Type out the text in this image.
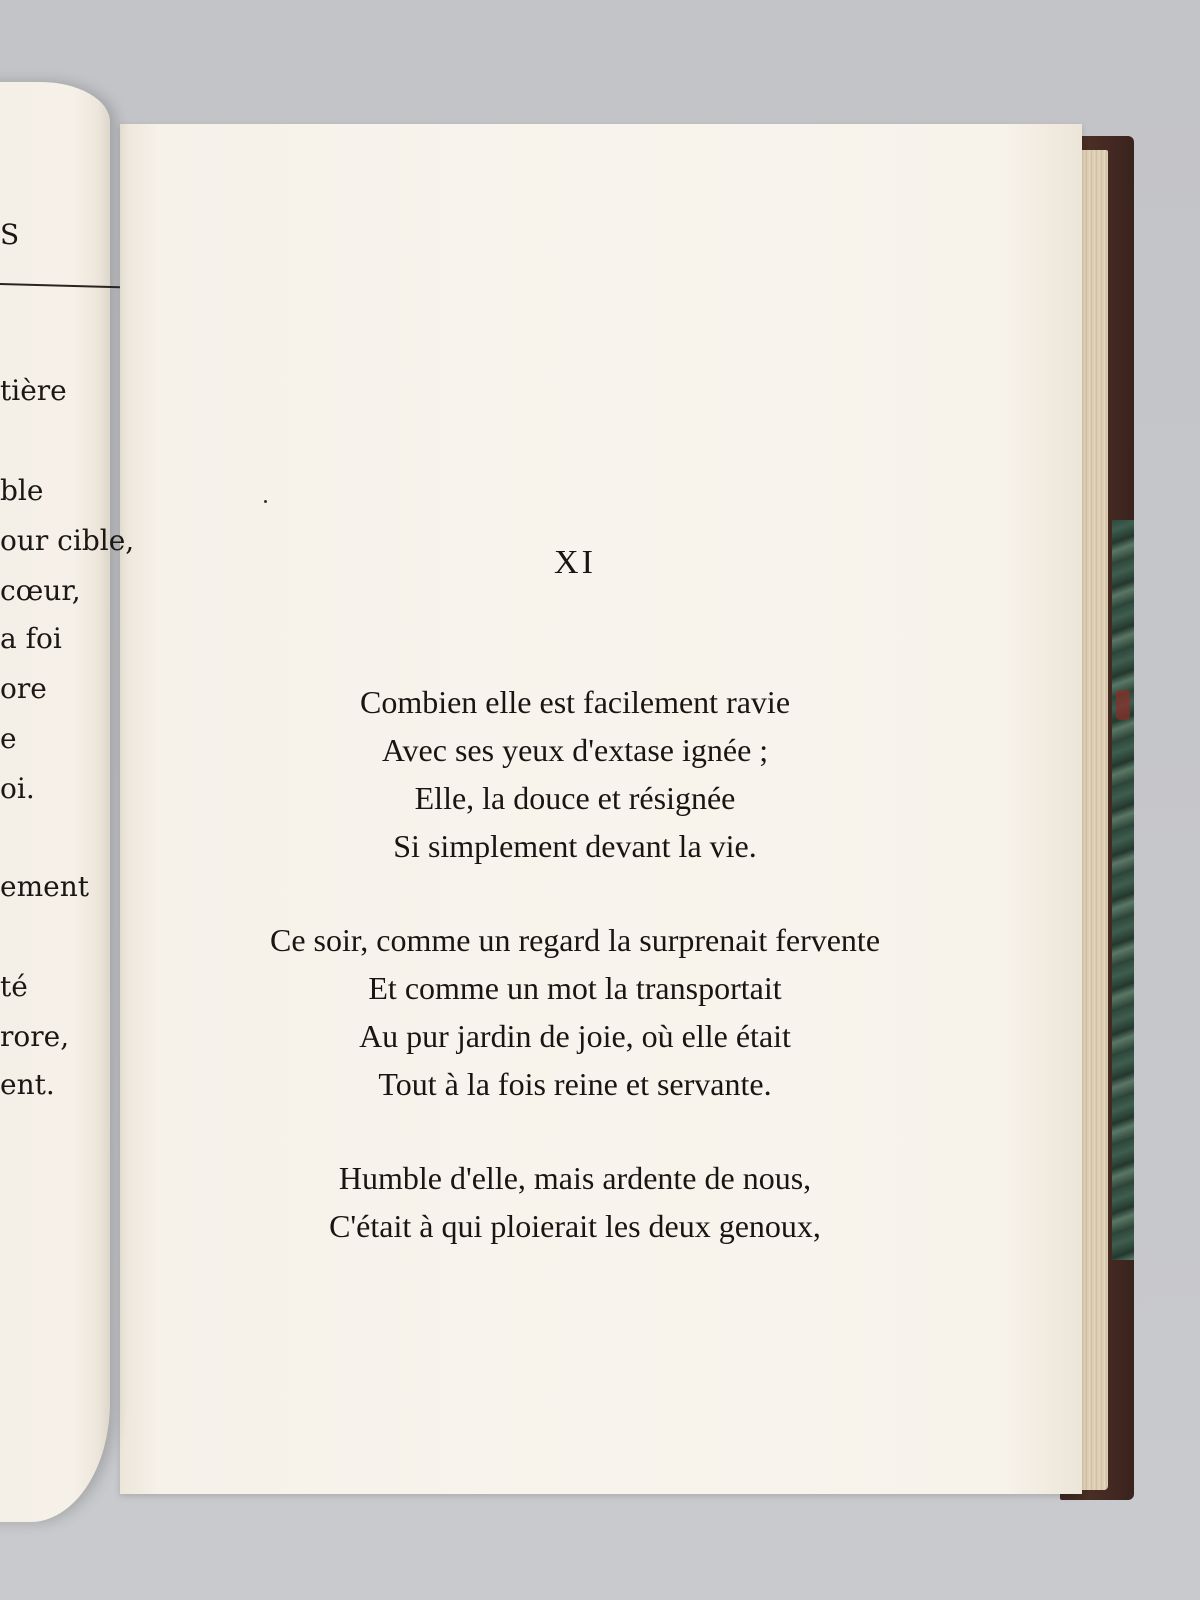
XI
Combien elle est facilement ravie
Avec ses yeux d'extase ignée ;
Elle, la douce et résignée
Si simplement devant la vie.
Ce soir, comme un regard la surprenait fervente
Et comme un mot la transportait
Au pur jardin de joie, où elle était
Tout à la fois reine et servante.
Humble d'elle, mais ardente de nous,
C'était à qui ploierait les deux genoux,
S
tière
ble
our cible,
cœur,
a foi
ore
e
oi.
ement
té
rore,
ent.
